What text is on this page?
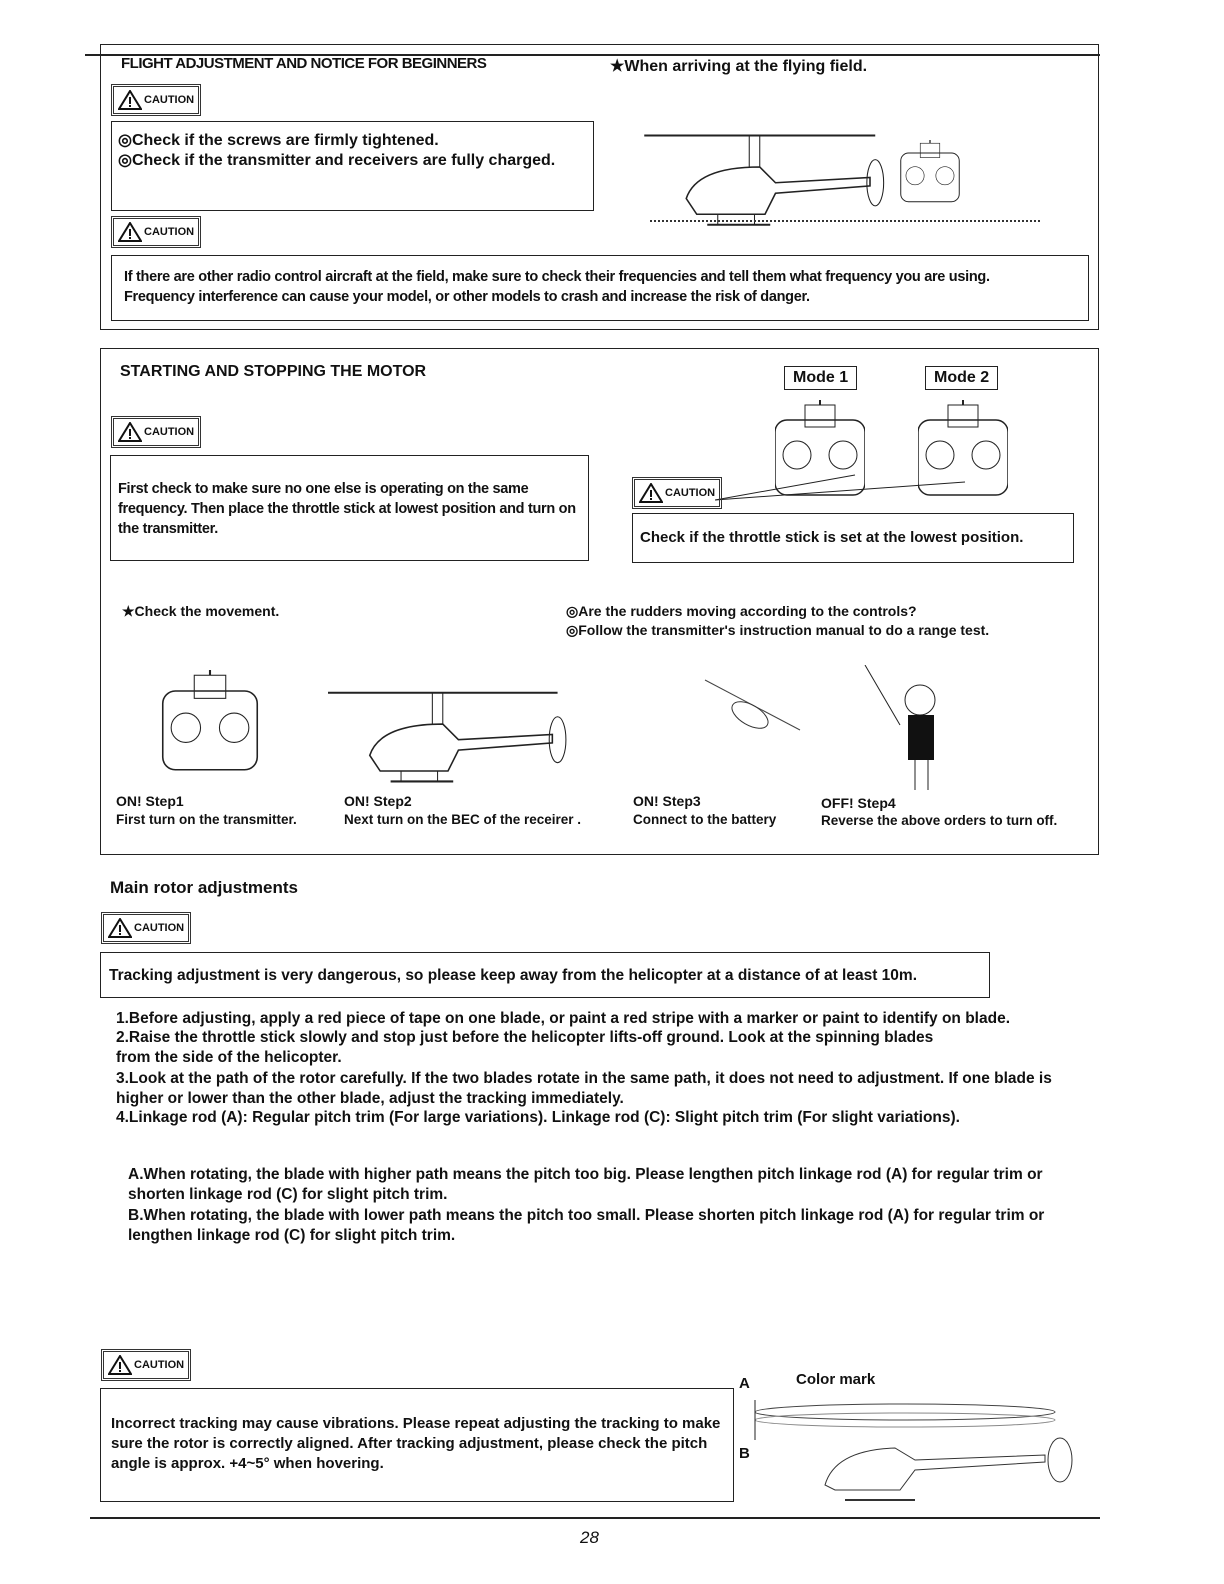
FLIGHT ADJUSTMENT AND NOTICE FOR BEGINNERS	★When arriving at the flying field.
CAUTION
◎Check if the screws are firmly tightened.
◎Check if the transmitter and receivers are fully charged.
CAUTION
If there are other radio control aircraft at the field, make sure to check their frequencies and tell them what frequency you are using.
Frequency interference can cause your model, or other models to crash and increase the risk of danger.
STARTING AND STOPPING THE MOTOR	Mode 1	Mode 2
CAUTION
First check to make sure no one else is operating on the same frequency. Then place the throttle stick at lowest position and turn on the transmitter.
CAUTION
Check if the throttle stick is set at the lowest position.
★Check the movement.	◎Are the rudders moving according to the controls?
◎Follow the transmitter's instruction manual to do a range test.
ON! Step1
First turn on the transmitter.
ON! Step2
Next turn on the BEC of the receirer .
ON! Step3
Connect to the battery
OFF! Step4
Reverse the above orders to turn off.
Main rotor adjustments
CAUTION
Tracking adjustment is very dangerous, so please keep away from the helicopter at a distance of at least 10m.
1.Before adjusting, apply a red piece of tape on one blade, or paint a red stripe with a marker or paint to identify on blade.
2.Raise the throttle stick slowly and stop just before the helicopter lifts-off ground. Look at the spinning blades from the side of the helicopter.
3.Look at the path of the rotor carefully. If the two blades rotate in the same path, it does not need to adjustment. If one blade is higher or lower than the other blade, adjust the tracking immediately.
4.Linkage rod (A): Regular pitch trim (For large variations). Linkage rod (C): Slight pitch trim (For slight variations).
A.When rotating, the blade with higher path means the pitch too big. Please lengthen pitch linkage rod (A) for regular trim or shorten linkage rod (C) for slight pitch trim.
B.When rotating, the blade with lower path means the pitch too small. Please shorten pitch linkage rod (A) for regular trim or lengthen linkage rod (C) for slight pitch trim.
CAUTION
Incorrect tracking may cause vibrations. Please repeat adjusting the tracking to make sure the rotor is correctly aligned. After tracking adjustment, please check the pitch angle is approx. +4~5° when hovering.
A
B
Color mark
28
